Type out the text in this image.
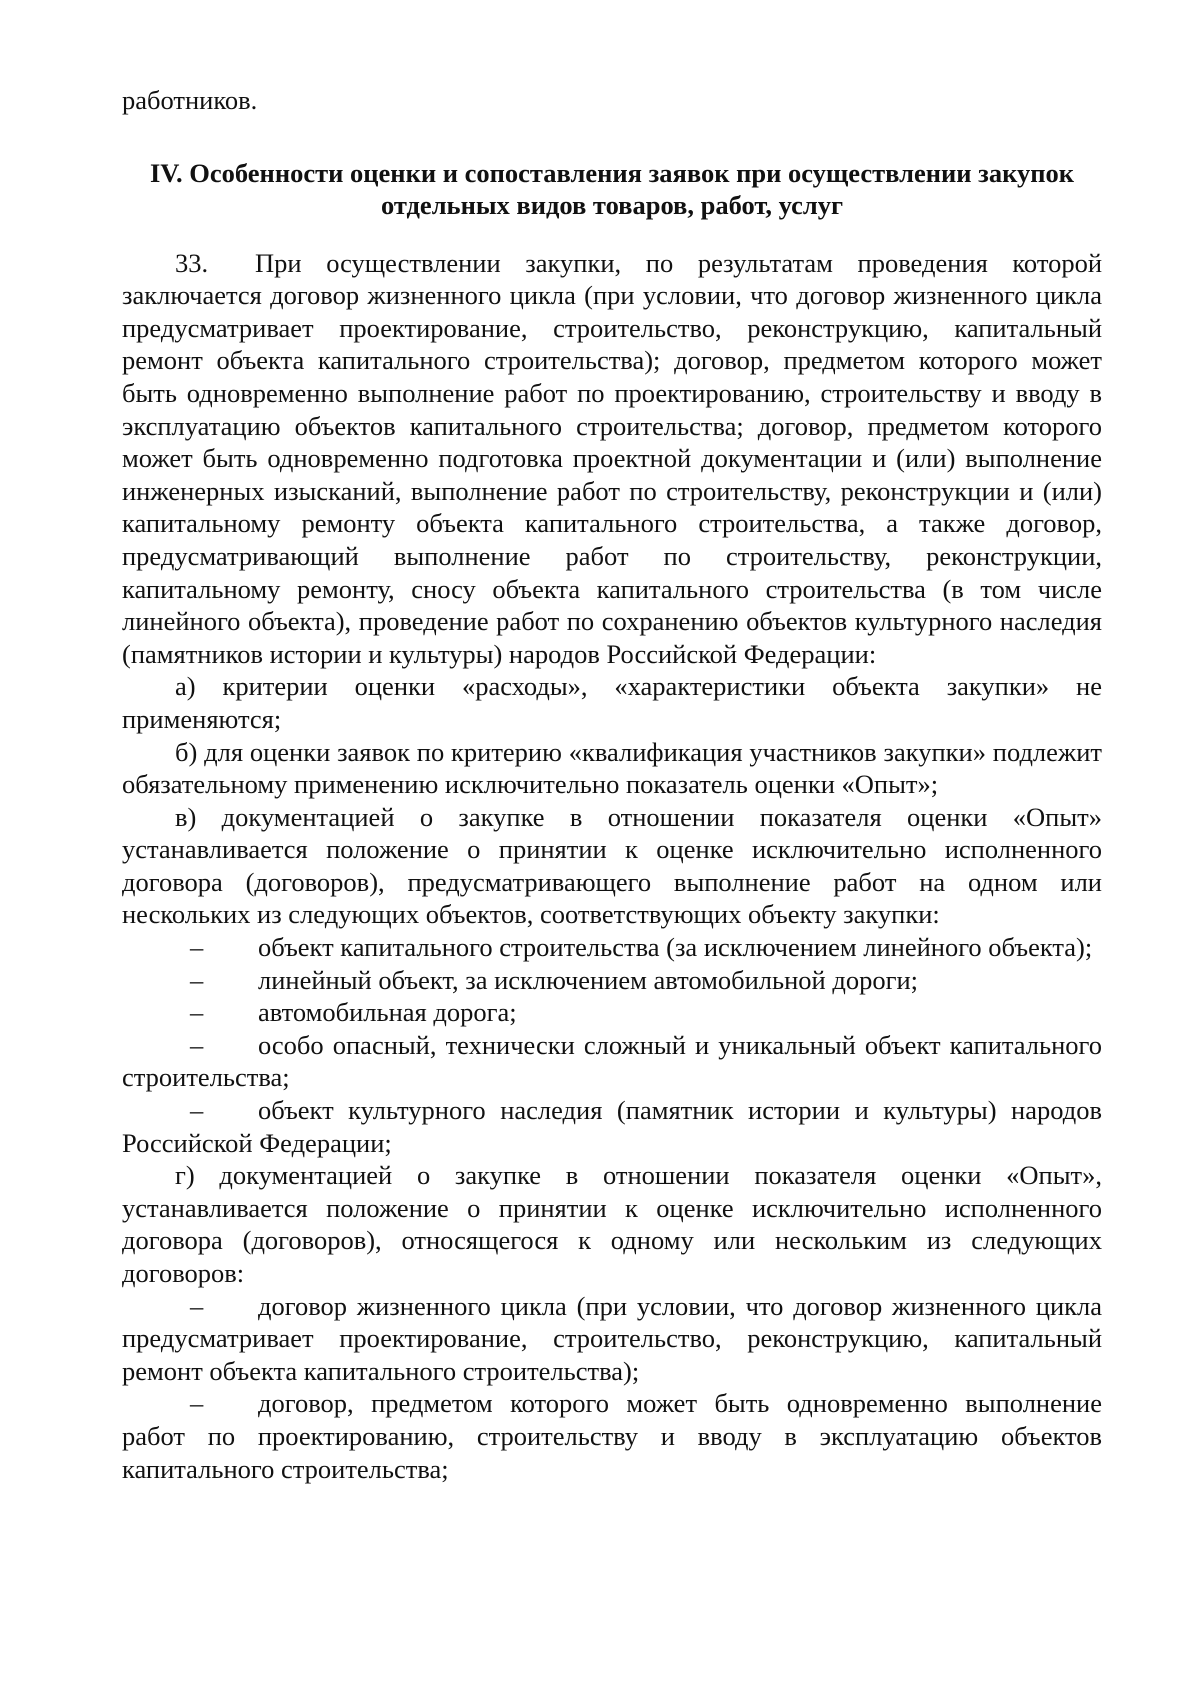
работников.

IV. Особенности оценки и сопоставления заявок при осуществлении закупок
отдельных видов товаров, работ, услуг

33. При осуществлении закупки, по результатам проведения которой заключается договор жизненного цикла (при условии, что договор жизненного цикла предусматривает проектирование, строительство, реконструкцию, капитальный ремонт объекта капитального строительства); договор, предметом которого может быть одновременно выполнение работ по проектированию, строительству и вводу в эксплуатацию объектов капитального строительства; договор, предметом которого может быть одновременно подготовка проектной документации и (или) выполнение инженерных изысканий, выполнение работ по строительству, реконструкции и (или) капитальному ремонту объекта капитального строительства, а также договор, предусматривающий выполнение работ по строительству, реконструкции, капитальному ремонту, сносу объекта капитального строительства (в том числе линейного объекта), проведение работ по сохранению объектов культурного наследия (памятников истории и культуры) народов Российской Федерации:

а) критерии оценки «расходы», «характеристики объекта закупки» не применяются;

б) для оценки заявок по критерию «квалификация участников закупки» подлежит обязательному применению исключительно показатель оценки «Опыт»;

в) документацией о закупке в отношении показателя оценки «Опыт» устанавливается положение о принятии к оценке исключительно исполненного договора (договоров), предусматривающего выполнение работ на одном или нескольких из следующих объектов, соответствующих объекту закупки:

– объект капитального строительства (за исключением линейного объекта);

– линейный объект, за исключением автомобильной дороги;

– автомобильная дорога;

– особо опасный, технически сложный и уникальный объект капитального строительства;

– объект культурного наследия (памятник истории и культуры) народов Российской Федерации;

г) документацией о закупке в отношении показателя оценки «Опыт», устанавливается положение о принятии к оценке исключительно исполненного договора (договоров), относящегося к одному или нескольким из следующих договоров:

– договор жизненного цикла (при условии, что договор жизненного цикла предусматривает проектирование, строительство, реконструкцию, капитальный ремонт объекта капитального строительства);

– договор, предметом которого может быть одновременно выполнение работ по проектированию, строительству и вводу в эксплуатацию объектов капитального строительства;
